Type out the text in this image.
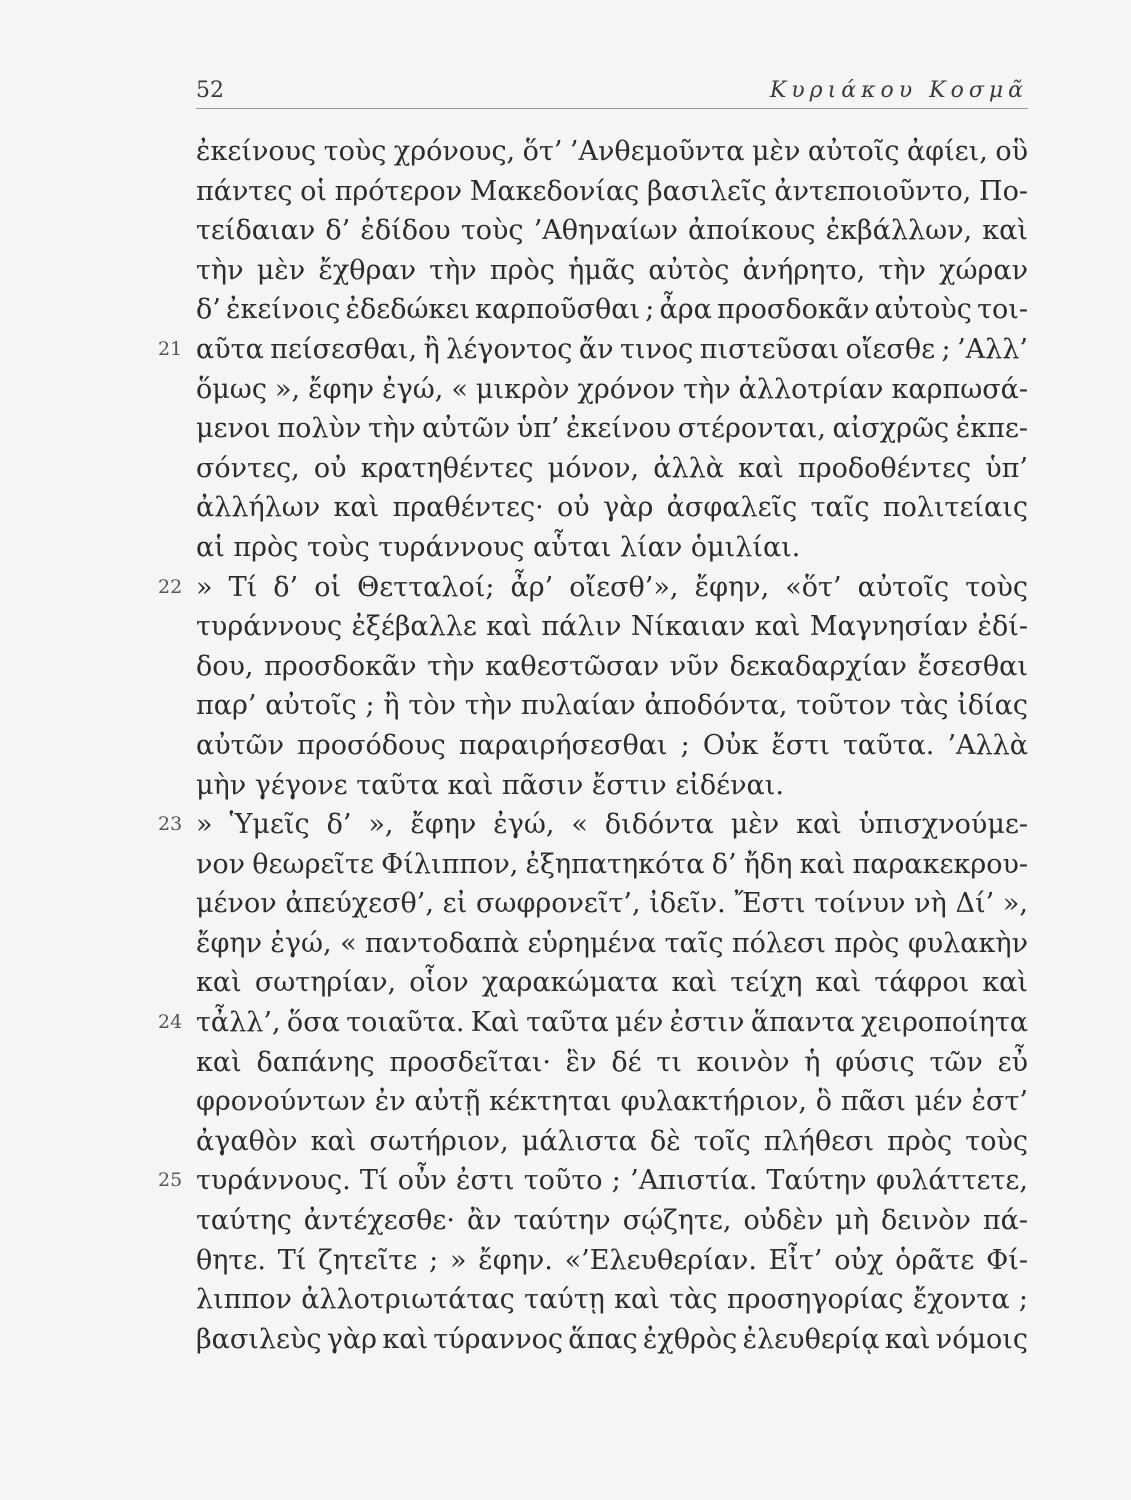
52	Κυριάκου Κοσμᾶ
ἐκείνους τοὺς χρόνους, ὅτ’ ’Ανθεμοῦντα μὲν αὐτοῖς ἀφίει, οὓ
πάντες οἱ πρότερον Μακεδονίας βασιλεῖς ἀντεποιοῦντο, Πο-
τείδαιαν δ’ ἐδίδου τοὺς ’Αθηναίων ἀποίκους ἐκβάλλων, καὶ
τὴν μὲν ἔχθραν τὴν πρὸς ἡμᾶς αὐτὸς ἀνήρητο, τὴν χώραν
δ’ ἐκείνοις ἐδεδώκει καρποῦσθαι ; ἆρα προσδοκᾶν αὐτοὺς τοι-
21 αῦτα πείσεσθαι, ἢ λέγοντος ἄν τινος πιστεῦσαι οἴεσθε ; ’Αλλ’
ὅμως », ἔφην ἐγώ, « μικρὸν χρόνον τὴν ἀλλοτρίαν καρπωσά-
μενοι πολὺν τὴν αὐτῶν ὑπ’ ἐκείνου στέρονται, αἰσχρῶς ἐκπε-
σόντες, οὐ κρατηθέντες μόνον, ἀλλὰ καὶ προδοθέντες ὑπ’
ἀλλήλων καὶ πραθέντες· οὐ γὰρ ἀσφαλεῖς ταῖς πολιτείαις
αἱ πρὸς τοὺς τυράννους αὗται λίαν ὁμιλίαι.
22 » Τί δ’ οἱ Θετταλοί; ἆρ’ οἴεσθ’», ἔφην, «ὅτ’ αὐτοῖς τοὺς
τυράννους ἐξέβαλλε καὶ πάλιν Νίκαιαν καὶ Μαγνησίαν ἐδί-
δου, προσδοκᾶν τὴν καθεστῶσαν νῦν δεκαδαρχίαν ἔσεσθαι
παρ’ αὐτοῖς ; ἢ τὸν τὴν πυλαίαν ἀποδόντα, τοῦτον τὰς ἰδίας
αὐτῶν προσόδους παραιρήσεσθαι ; Οὐκ ἔστι ταῦτα. ’Αλλὰ
μὴν γέγονε ταῦτα καὶ πᾶσιν ἔστιν εἰδέναι.
23 » Ὑμεῖς δ’ », ἔφην ἐγώ, « διδόντα μὲν καὶ ὑπισχνούμε-
νον θεωρεῖτε Φίλιππον, ἐξηπατηκότα δ’ ἤδη καὶ παρακεκρου-
μένον ἀπεύχεσθ’, εἰ σωφρονεῖτ’, ἰδεῖν. Ἔστι τοίνυν νὴ Δί’ »,
ἔφην ἐγώ, « παντοδαπὰ εὑρημένα ταῖς πόλεσι πρὸς φυλακὴν
καὶ σωτηρίαν, οἷον χαρακώματα καὶ τείχη καὶ τάφροι καὶ
24 τἆλλ’, ὅσα τοιαῦτα. Καὶ ταῦτα μέν ἐστιν ἅπαντα χειροποίητα
καὶ δαπάνης προσδεῖται· ἓν δέ τι κοινὸν ἡ φύσις τῶν εὖ
φρονούντων ἐν αὐτῇ κέκτηται φυλακτήριον, ὃ πᾶσι μέν ἐστ’
ἀγαθὸν καὶ σωτήριον, μάλιστα δὲ τοῖς πλήθεσι πρὸς τοὺς
25 τυράννους. Τί οὖν ἐστι τοῦτο ; ’Απιστία. Ταύτην φυλάττετε,
ταύτης ἀντέχεσθε· ἂν ταύτην σῴζητε, οὐδὲν μὴ δεινὸν πά-
θητε. Τί ζητεῖτε ; » ἔφην. «’Ελευθερίαν. Εἶτ’ οὐχ ὁρᾶτε Φί-
λιππον ἀλλοτριωτάτας ταύτῃ καὶ τὰς προσηγορίας ἔχοντα ;
βασιλεὺς γὰρ καὶ τύραννος ἅπας ἐχθρὸς ἐλευθερίᾳ καὶ νόμοις
